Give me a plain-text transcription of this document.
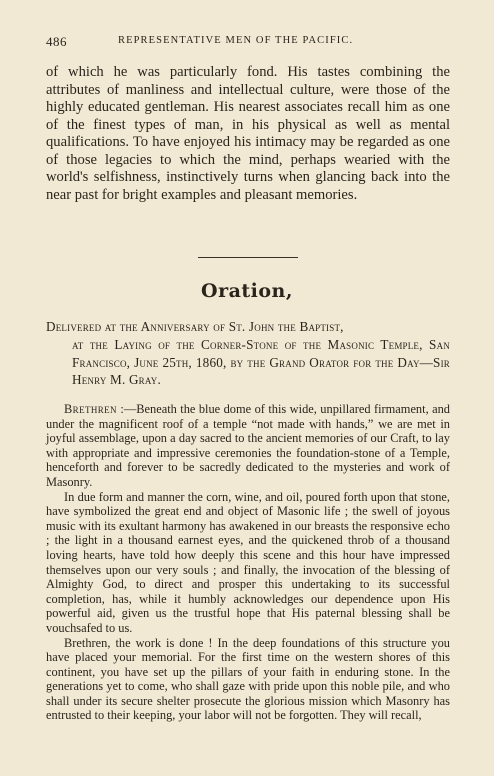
486	REPRESENTATIVE MEN OF THE PACIFIC.
of which he was particularly fond. His tastes combining the attributes of manliness and intellectual culture, were those of the highly educated gentleman. His nearest associates recall him as one of the finest types of man, in his physical as well as mental qualifications. To have enjoyed his intimacy may be regarded as one of those legacies to which the mind, perhaps wearied with the world's selfishness, instinctively turns when glancing back into the near past for bright examples and pleasant memories.
Oration,
Delivered at the Anniversary of St. John the Baptist,
at the Laying of the Corner-Stone of the Masonic Temple, San Francisco, June 25th, 1860, by the Grand Orator for the Day—Sir Henry M. Gray.

Brethren :—Beneath the blue dome of this wide, unpillared firmament, and under the magnificent roof of a temple “not made with hands,” we are met in joyful assemblage, upon a day sacred to the ancient memories of our Craft, to lay with appropriate and impressive ceremonies the foundation-stone of a Temple, henceforth and forever to be sacredly dedicated to the mysteries and work of Masonry.

In due form and manner the corn, wine, and oil, poured forth upon that stone, have symbolized the great end and object of Masonic life ; the swell of joyous music with its exultant harmony has awakened in our breasts the responsive echo ; the light in a thousand earnest eyes, and the quickened throb of a thousand loving hearts, have told how deeply this scene and this hour have impressed themselves upon our very souls ; and finally, the invocation of the blessing of Almighty God, to direct and prosper this undertaking to its successful completion, has, while it humbly acknowledges our dependence upon His powerful aid, given us the trustful hope that His paternal blessing shall be vouchsafed to us.

Brethren, the work is done ! In the deep foundations of this structure you have placed your memorial. For the first time on the western shores of this continent, you have set up the pillars of your faith in enduring stone. In the generations yet to come, who shall gaze with pride upon this noble pile, and who shall under its secure shelter prosecute the glorious mission which Masonry has entrusted to their keeping, your labor will not be forgotten. They will recall,
